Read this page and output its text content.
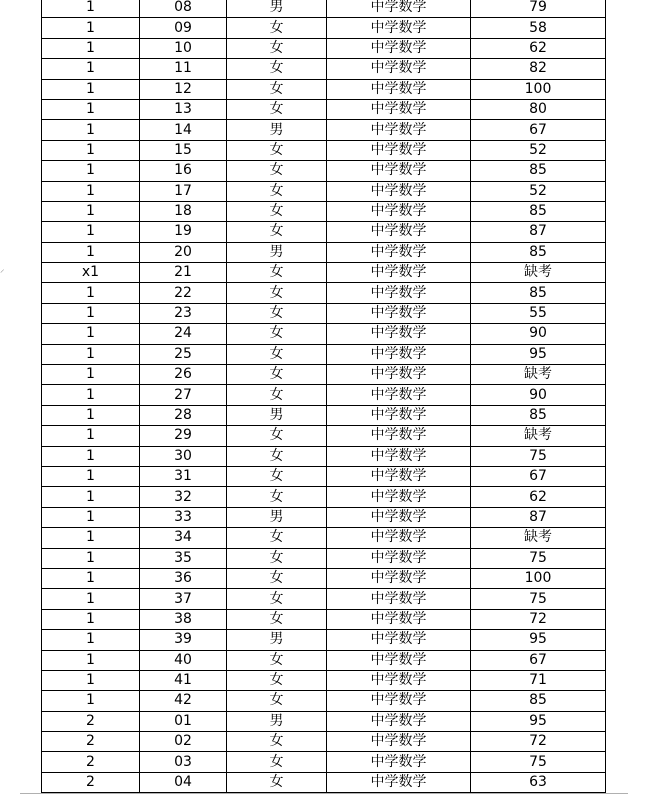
⸝
1	08	男	中学数学	79
1	09	女	中学数学	58
1	10	女	中学数学	62
1	11	女	中学数学	82
1	12	女	中学数学	100
1	13	女	中学数学	80
1	14	男	中学数学	67
1	15	女	中学数学	52
1	16	女	中学数学	85
1	17	女	中学数学	52
1	18	女	中学数学	85
1	19	女	中学数学	87
1	20	男	中学数学	85
x1	21	女	中学数学	缺考
1	22	女	中学数学	85
1	23	女	中学数学	55
1	24	女	中学数学	90
1	25	女	中学数学	95
1	26	女	中学数学	缺考
1	27	女	中学数学	90
1	28	男	中学数学	85
1	29	女	中学数学	缺考
1	30	女	中学数学	75
1	31	女	中学数学	67
1	32	女	中学数学	62
1	33	男	中学数学	87
1	34	女	中学数学	缺考
1	35	女	中学数学	75
1	36	女	中学数学	100
1	37	女	中学数学	75
1	38	女	中学数学	72
1	39	男	中学数学	95
1	40	女	中学数学	67
1	41	女	中学数学	71
1	42	女	中学数学	85
2	01	男	中学数学	95
2	02	女	中学数学	72
2	03	女	中学数学	75
2	04	女	中学数学	63
